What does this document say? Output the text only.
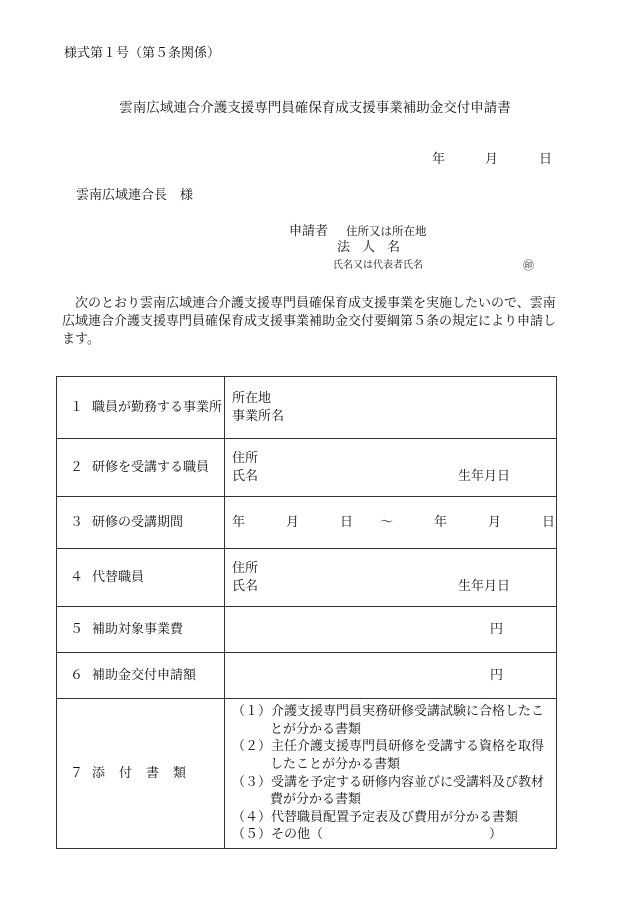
様式第１号（第５条関係）
雲南広域連合介護支援専門員確保育成支援事業補助金交付申請書
年	月	日
雲南広域連合長　様
申請者 住所又は所在地
法人名
氏名又は代表者氏名	㊞
次のとおり雲南広域連合介護支援専門員確保育成支援事業を実施したいので、雲南広域連合介護支援専門員確保育成支援事業補助金交付要綱第５条の規定により申請します。
１ 職員が勤務する事業所	所在地
事業所名

２ 研修を受講する職員	住所
氏名 生年月日

３ 研修の受講期間	年 月 日 ～ 年 月 日
４ 代替職員	住所
氏名 生年月日

５ 補助対象事業費	円
６ 補助金交付申請額	円
７ 添付書類	（１）介護支援専門員実務研修受講試験に合格したことが分かる書類
（２）主任介護支援専門員研修を受講する資格を取得したことが分かる書類
（３）受講を予定する研修内容並びに受講料及び教材費が分かる書類
（４）代替職員配置予定表及び費用が分かる書類
（５）その他（ ）
